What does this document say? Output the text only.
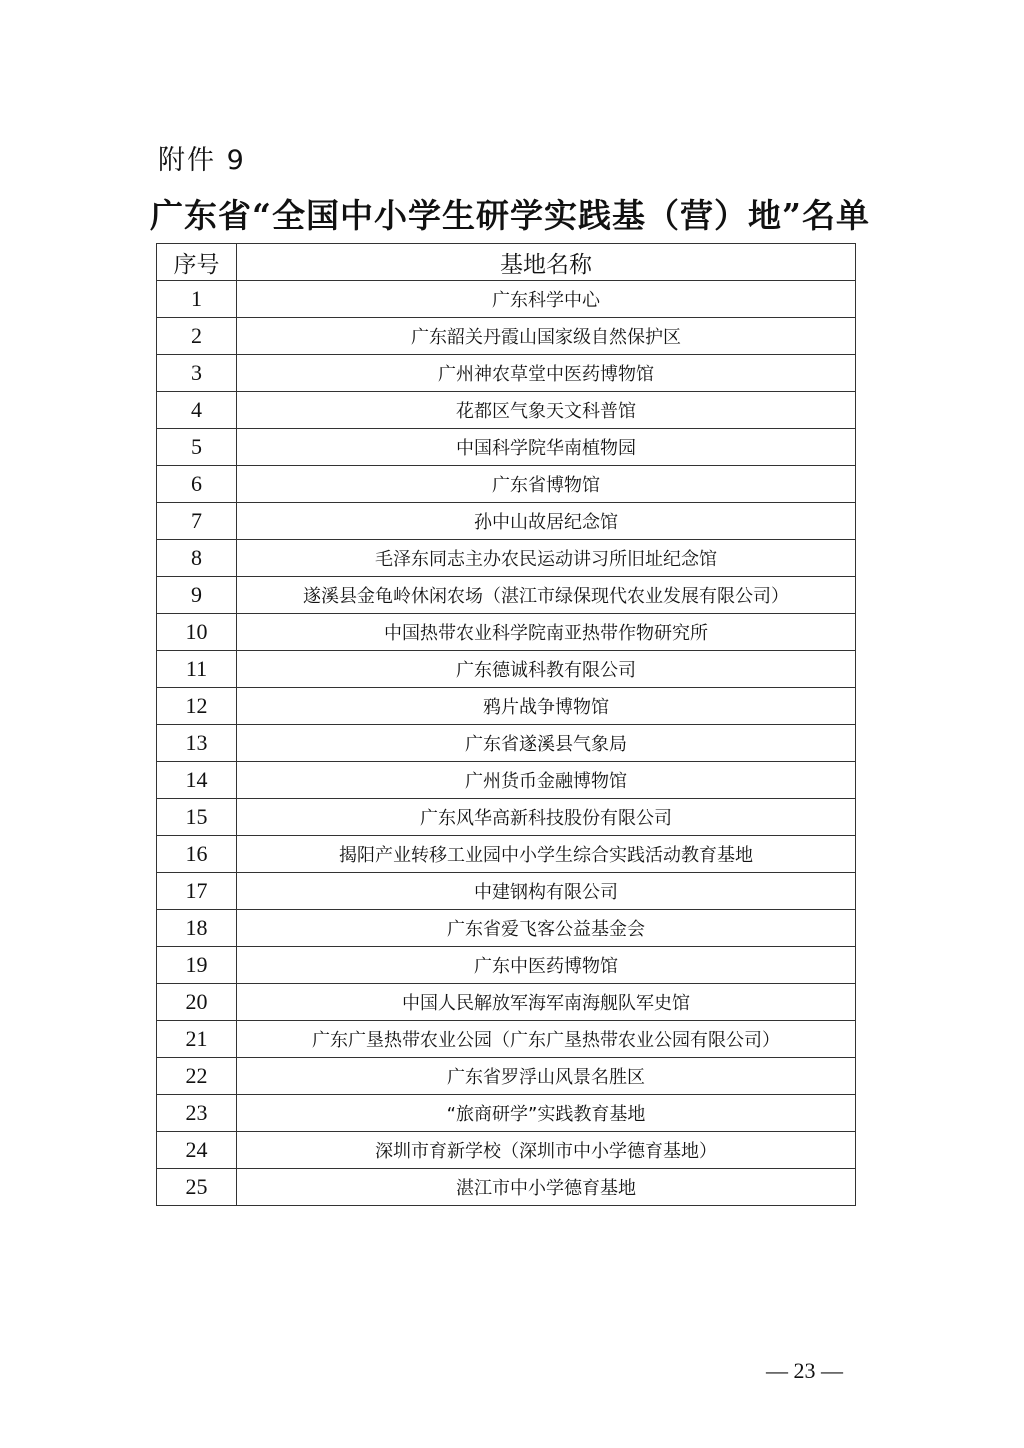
附件 9
广东省“全国中小学生研学实践基（营）地”名单
序号	基地名称
1	广东科学中心
2	广东韶关丹霞山国家级自然保护区
3	广州神农草堂中医药博物馆
4	花都区气象天文科普馆
5	中国科学院华南植物园
6	广东省博物馆
7	孙中山故居纪念馆
8	毛泽东同志主办农民运动讲习所旧址纪念馆
9	遂溪县金龟岭休闲农场（湛江市绿保现代农业发展有限公司）
10	中国热带农业科学院南亚热带作物研究所
11	广东德诚科教有限公司
12	鸦片战争博物馆
13	广东省遂溪县气象局
14	广州货币金融博物馆
15	广东风华高新科技股份有限公司
16	揭阳产业转移工业园中小学生综合实践活动教育基地
17	中建钢构有限公司
18	广东省爱飞客公益基金会
19	广东中医药博物馆
20	中国人民解放军海军南海舰队军史馆
21	广东广垦热带农业公园（广东广垦热带农业公园有限公司）
22	广东省罗浮山风景名胜区
23	“旅商研学”实践教育基地
24	深圳市育新学校（深圳市中小学德育基地）
25	湛江市中小学德育基地
— 23 —
